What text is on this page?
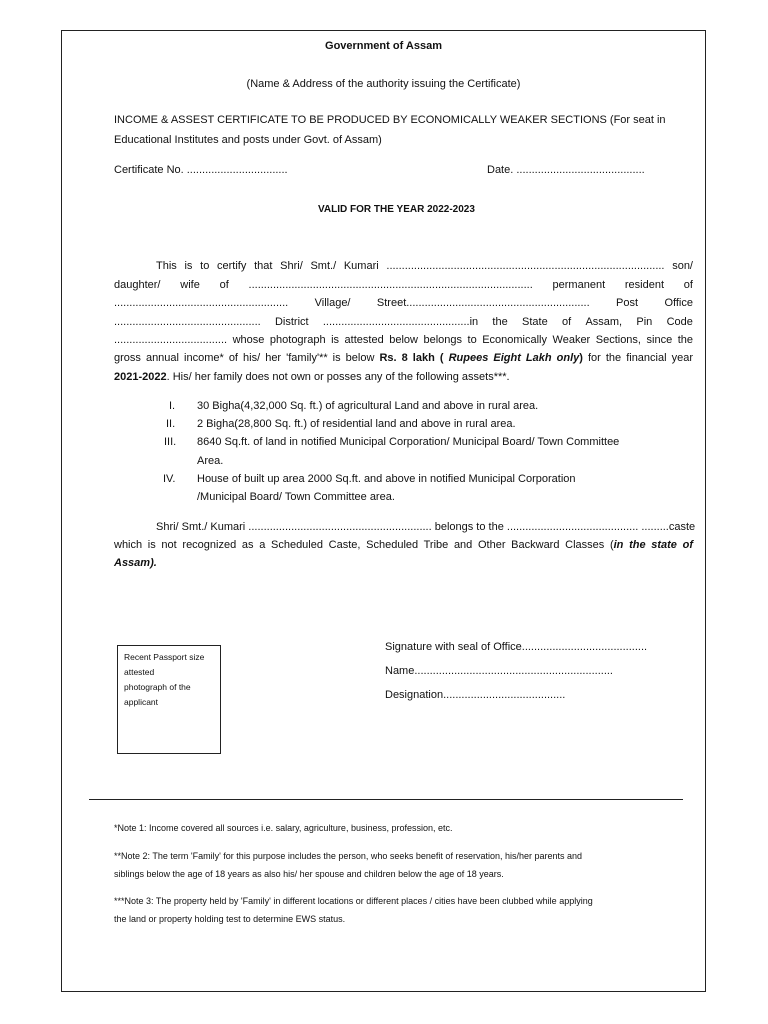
Government of Assam
(Name & Address of the authority issuing the Certificate)
INCOME & ASSEST CERTIFICATE TO BE PRODUCED BY ECONOMICALLY WEAKER SECTIONS (For seat in
Educational Institutes and posts under Govt. of Assam)
Certificate No. .................................	Date. ..........................................
VALID FOR THE YEAR 2022-2023
This is to certify that Shri/ Smt./ Kumari ........................................................................................... son/
daughter/ wife of ............................................................................................. permanent resident of
......................................................... Village/ Street............................................................ Post Office
................................................ District ................................................in the State of Assam, Pin Code
..................................... whose photograph is attested below belongs to Economically Weaker Sections, since the
gross annual income* of his/ her 'family'** is below Rs. 8 lakh ( Rupees Eight Lakh only) for the financial year
2021-2022. His/ her family does not own or posses any of the following assets***.
I. 30 Bigha(4,32,000 Sq. ft.) of agricultural Land and above in rural area.
II. 2 Bigha(28,800 Sq. ft.) of residential land and above in rural area.
III. 8640 Sq.ft. of land in notified Municipal Corporation/ Municipal Board/ Town Committee
Area.
IV. House of built up area 2000 Sq.ft. and above in notified Municipal Corporation
/Municipal Board/ Town Committee area.
Shri/ Smt./ Kumari ............................................................ belongs to the ........................................... .........caste
which is not recognized as a Scheduled Caste, Scheduled Tribe and Other Backward Classes (in the state of
Assam).
Recent Passport size
attested
photograph of the
applicant
Signature with seal of Office.........................................
Name.................................................................
Designation........................................
*Note 1: Income covered all sources i.e. salary, agriculture, business, profession, etc.
**Note 2: The term 'Family' for this purpose includes the person, who seeks benefit of reservation, his/her parents and
siblings below the age of 18 years as also his/ her spouse and children below the age of 18 years.
***Note 3: The property held by 'Family' in different locations or different places / cities have been clubbed while applying
the land or property holding test to determine EWS status.
